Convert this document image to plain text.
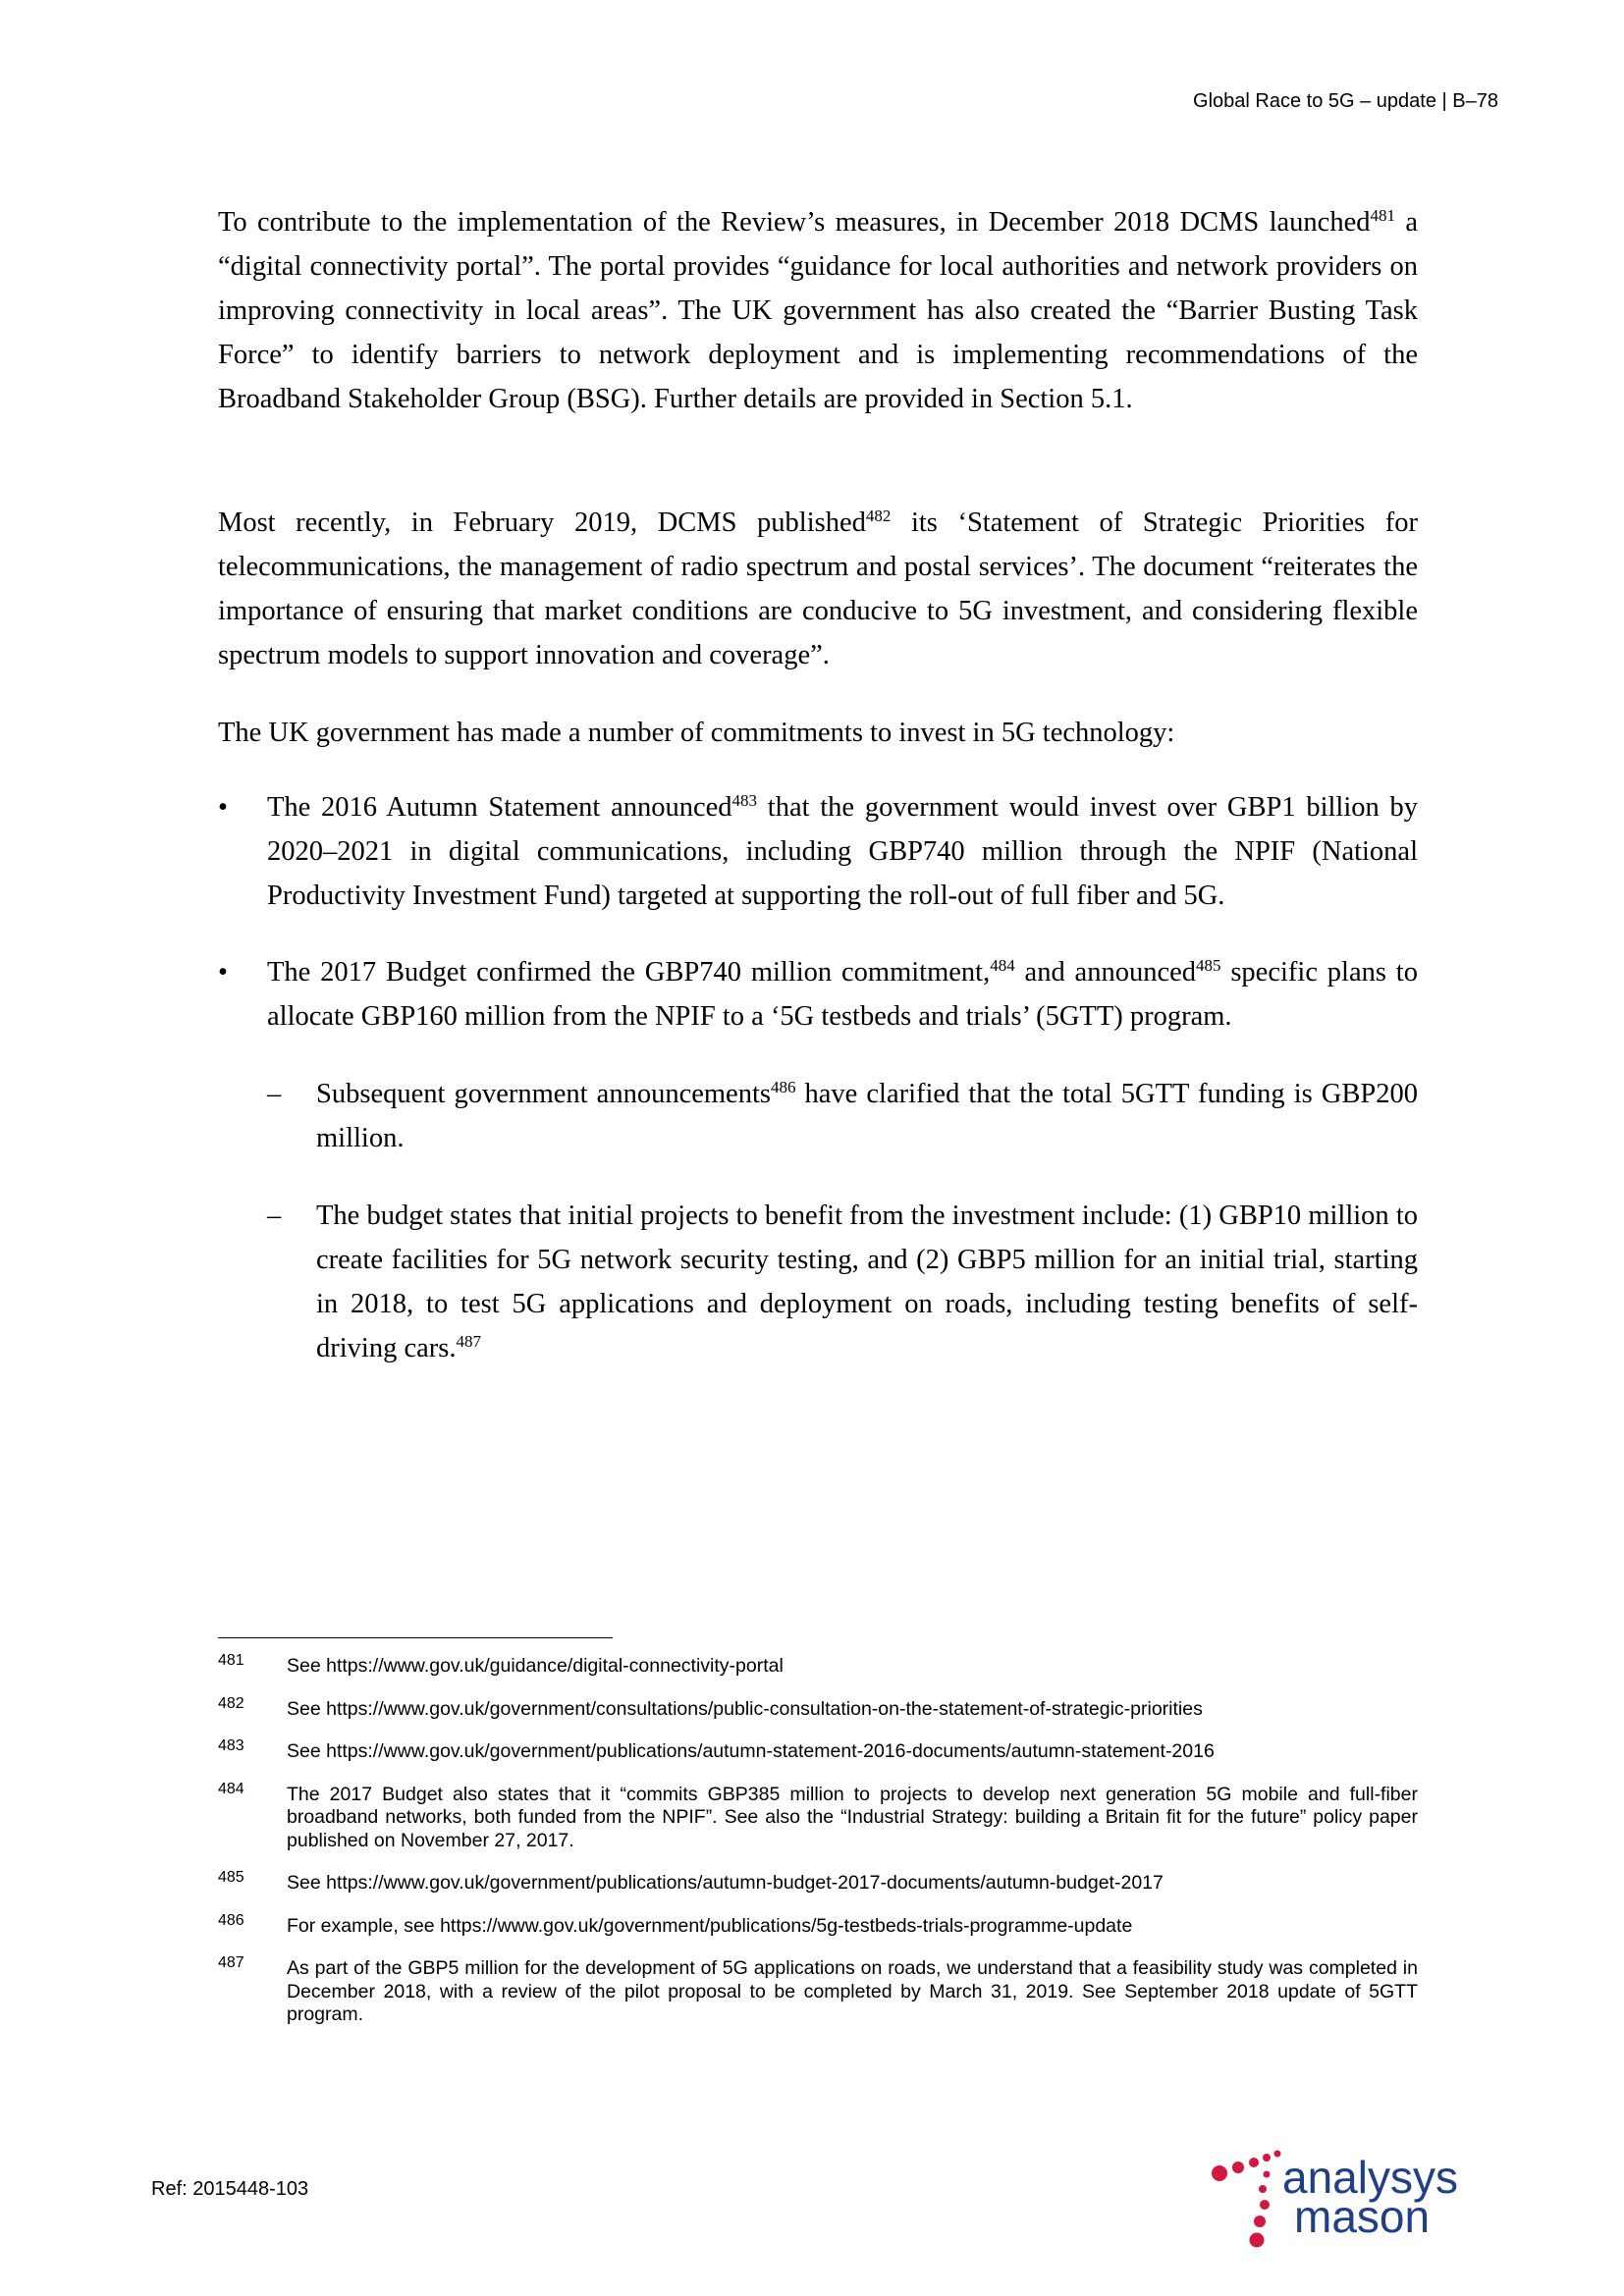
Global Race to 5G – update | B–78

To contribute to the implementation of the Review’s measures, in December 2018 DCMS launched$^{481}$ a “digital connectivity portal”. The portal provides “guidance for local authorities and network providers on improving connectivity in local areas”. The UK government has also created the “Barrier Busting Task Force” to identify barriers to network deployment and is implementing recommendations of the Broadband Stakeholder Group (BSG). Further details are provided in Section 5.1.

Most recently, in February 2019, DCMS published$^{482}$ its ‘Statement of Strategic Priorities for telecommunications, the management of radio spectrum and postal services’. The document “reiterates the importance of ensuring that market conditions are conducive to 5G investment, and considering flexible spectrum models to support innovation and coverage”.

The UK government has made a number of commitments to invest in 5G technology:

• The 2016 Autumn Statement announced$^{483}$ that the government would invest over GBP1 billion by 2020–2021 in digital communications, including GBP740 million through the NPIF (National Productivity Investment Fund) targeted at supporting the roll-out of full fiber and 5G.
• The 2017 Budget confirmed the GBP740 million commitment,$^{484}$ and announced$^{485}$ specific plans to allocate GBP160 million from the NPIF to a ‘5G testbeds and trials’ (5GTT) program.
– Subsequent government announcements$^{486}$ have clarified that the total 5GTT funding is GBP200 million.
– The budget states that initial projects to benefit from the investment include: (1) GBP10 million to create facilities for 5G network security testing, and (2) GBP5 million for an initial trial, starting in 2018, to test 5G applications and deployment on roads, including testing benefits of self-driving cars.$^{487}$
481 See https://www.gov.uk/guidance/digital-connectivity-portal
482 See https://www.gov.uk/government/consultations/public-consultation-on-the-statement-of-strategic-priorities
483 See https://www.gov.uk/government/publications/autumn-statement-2016-documents/autumn-statement-2016
484 The 2017 Budget also states that it “commits GBP385 million to projects to develop next generation 5G mobile and full-fiber broadband networks, both funded from the NPIF”. See also the “Industrial Strategy: building a Britain fit for the future” policy paper published on November 27, 2017.
485 See https://www.gov.uk/government/publications/autumn-budget-2017-documents/autumn-budget-2017
486 For example, see https://www.gov.uk/government/publications/5g-testbeds-trials-programme-update
487 As part of the GBP5 million for the development of 5G applications on roads, we understand that a feasibility study was completed in December 2018, with a review of the pilot proposal to be completed by March 31, 2019. See September 2018 update of 5GTT program.
Ref: 2015448-103	analysys
mason
